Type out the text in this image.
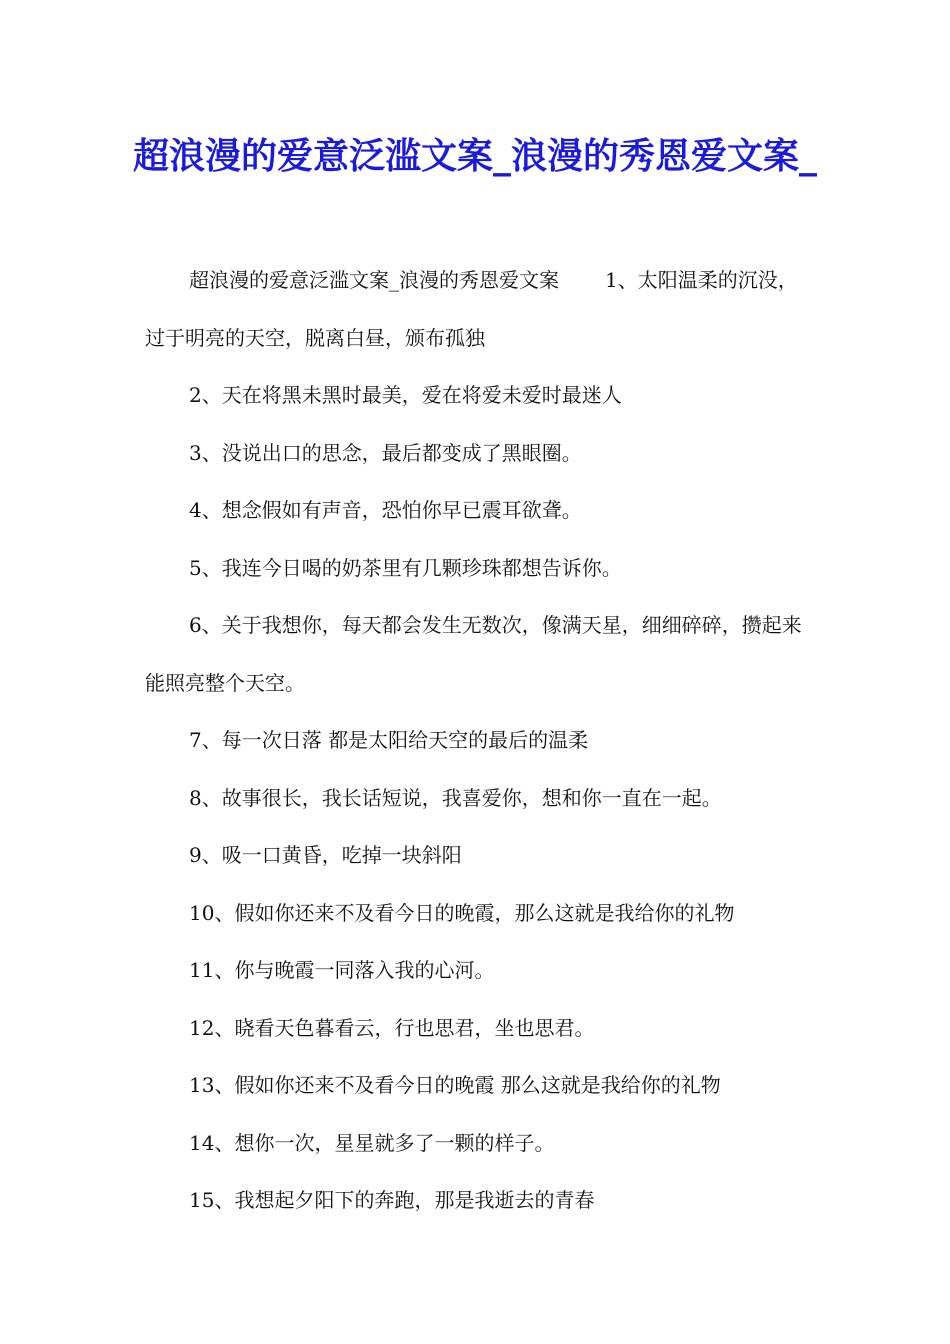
超浪漫的爱意泛滥文案_浪漫的秀恩爱文案_

超浪漫的爱意泛滥文案_浪漫的秀恩爱文案 1、太阳温柔的沉没，过于明亮的天空，脱离白昼，颁布孤独

2、天在将黑未黑时最美，爱在将爱未爱时最迷人

3、没说出口的思念，最后都变成了黑眼圈。

4、想念假如有声音，恐怕你早已震耳欲聋。

5、我连今日喝的奶茶里有几颗珍珠都想告诉你。

6、关于我想你，每天都会发生无数次，像满天星，细细碎碎，攒起来能照亮整个天空。

7、每一次日落 都是太阳给天空的最后的温柔

8、故事很长，我长话短说，我喜爱你，想和你一直在一起。

9、吸一口黄昏，吃掉一块斜阳

10、假如你还来不及看今日的晚霞，那么这就是我给你的礼物

11、你与晚霞一同落入我的心河。

12、晓看天色暮看云，行也思君，坐也思君。

13、假如你还来不及看今日的晚霞 那么这就是我给你的礼物

14、想你一次，星星就多了一颗的样子。

15、我想起夕阳下的奔跑，那是我逝去的青春
